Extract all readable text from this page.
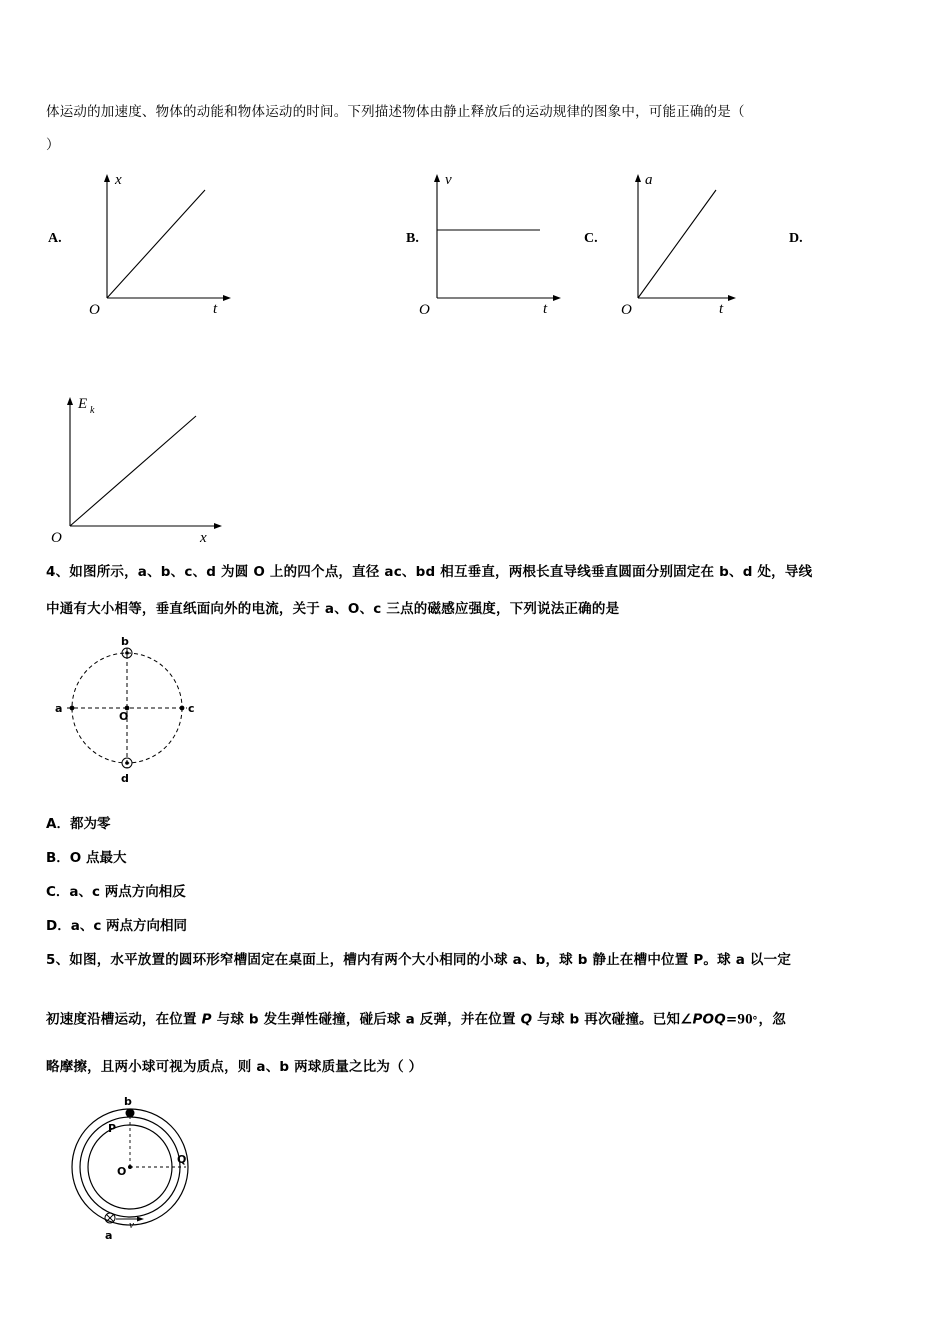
体运动的加速度、物体的动能和物体运动的时间。下列描述物体由静止释放后的运动规律的图象中，可能正确的是（
）
A.
x
t
O
B.
v
t
O
C.
a
t
O
D.
E k
x
O
4、如图所示，a、b、c、d 为圆 O 上的四个点，直径 ac、bd 相互垂直，两根长直导线垂直圆面分别固定在 b、d 处，导线
中通有大小相等，垂直纸面向外的电流，关于 a、O、c 三点的磁感应强度，下列说法正确的是
b
a
O
c
d
A．都为零
B．O 点最大
C．a、c 两点方向相反
D．a、c 两点方向相同
5、如图，水平放置的圆环形窄槽固定在桌面上，槽内有两个大小相同的小球 a、b，球 b 静止在槽中位置 P。球 a 以一定
初速度沿槽运动，在位置 P 与球 b 发生弹性碰撞，碰后球 a 反弹，并在位置 Q 与球 b 再次碰撞。已知∠POQ=90。，忽
略摩擦，且两小球可视为质点，则 a、b 两球质量之比为（ ）
b
P
O
Q
a
v
